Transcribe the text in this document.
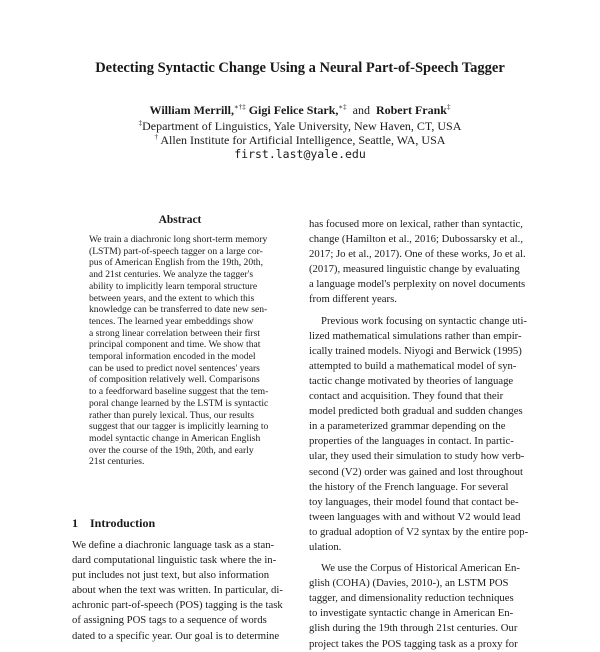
Detecting Syntactic Change Using a Neural Part-of-Speech Tagger
William Merrill,∗†‡ Gigi Felice Stark,∗‡ and Robert Frank‡
‡Department of Linguistics, Yale University, New Haven, CT, USA
† Allen Institute for Artificial Intelligence, Seattle, WA, USA
first.last@yale.edu
Abstract
We train a diachronic long short-term memory
(LSTM) part-of-speech tagger on a large cor-
pus of American English from the 19th, 20th,
and 21st centuries. We analyze the tagger's
ability to implicitly learn temporal structure
between years, and the extent to which this
knowledge can be transferred to date new sen-
tences. The learned year embeddings show
a strong linear correlation between their first
principal component and time. We show that
temporal information encoded in the model
can be used to predict novel sentences' years
of composition relatively well. Comparisons
to a feedforward baseline suggest that the tem-
poral change learned by the LSTM is syntactic
rather than purely lexical. Thus, our results
suggest that our tagger is implicitly learning to
model syntactic change in American English
over the course of the 19th, 20th, and early
21st centuries.
1 Introduction
We define a diachronic language task as a stan-
dard computational linguistic task where the in-
put includes not just text, but also information
about when the text was written. In particular, di-
achronic part-of-speech (POS) tagging is the task
of assigning POS tags to a sequence of words
dated to a specific year. Our goal is to determine
has focused more on lexical, rather than syntactic,
change (Hamilton et al., 2016; Dubossarsky et al.,
2017; Jo et al., 2017). One of these works, Jo et al.
(2017), measured linguistic change by evaluating
a language model's perplexity on novel documents
from different years.
Previous work focusing on syntactic change uti-
lized mathematical simulations rather than empir-
ically trained models. Niyogi and Berwick (1995)
attempted to build a mathematical model of syn-
tactic change motivated by theories of language
contact and acquisition. They found that their
model predicted both gradual and sudden changes
in a parameterized grammar depending on the
properties of the languages in contact. In partic-
ular, they used their simulation to study how verb-
second (V2) order was gained and lost throughout
the history of the French language. For several
toy languages, their model found that contact be-
tween languages with and without V2 would lead
to gradual adoption of V2 syntax by the entire pop-
ulation.
We use the Corpus of Historical American En-
glish (COHA) (Davies, 2010-), an LSTM POS
tagger, and dimensionality reduction techniques
to investigate syntactic change in American En-
glish during the 19th through 21st centuries. Our
project takes the POS tagging task as a proxy for
